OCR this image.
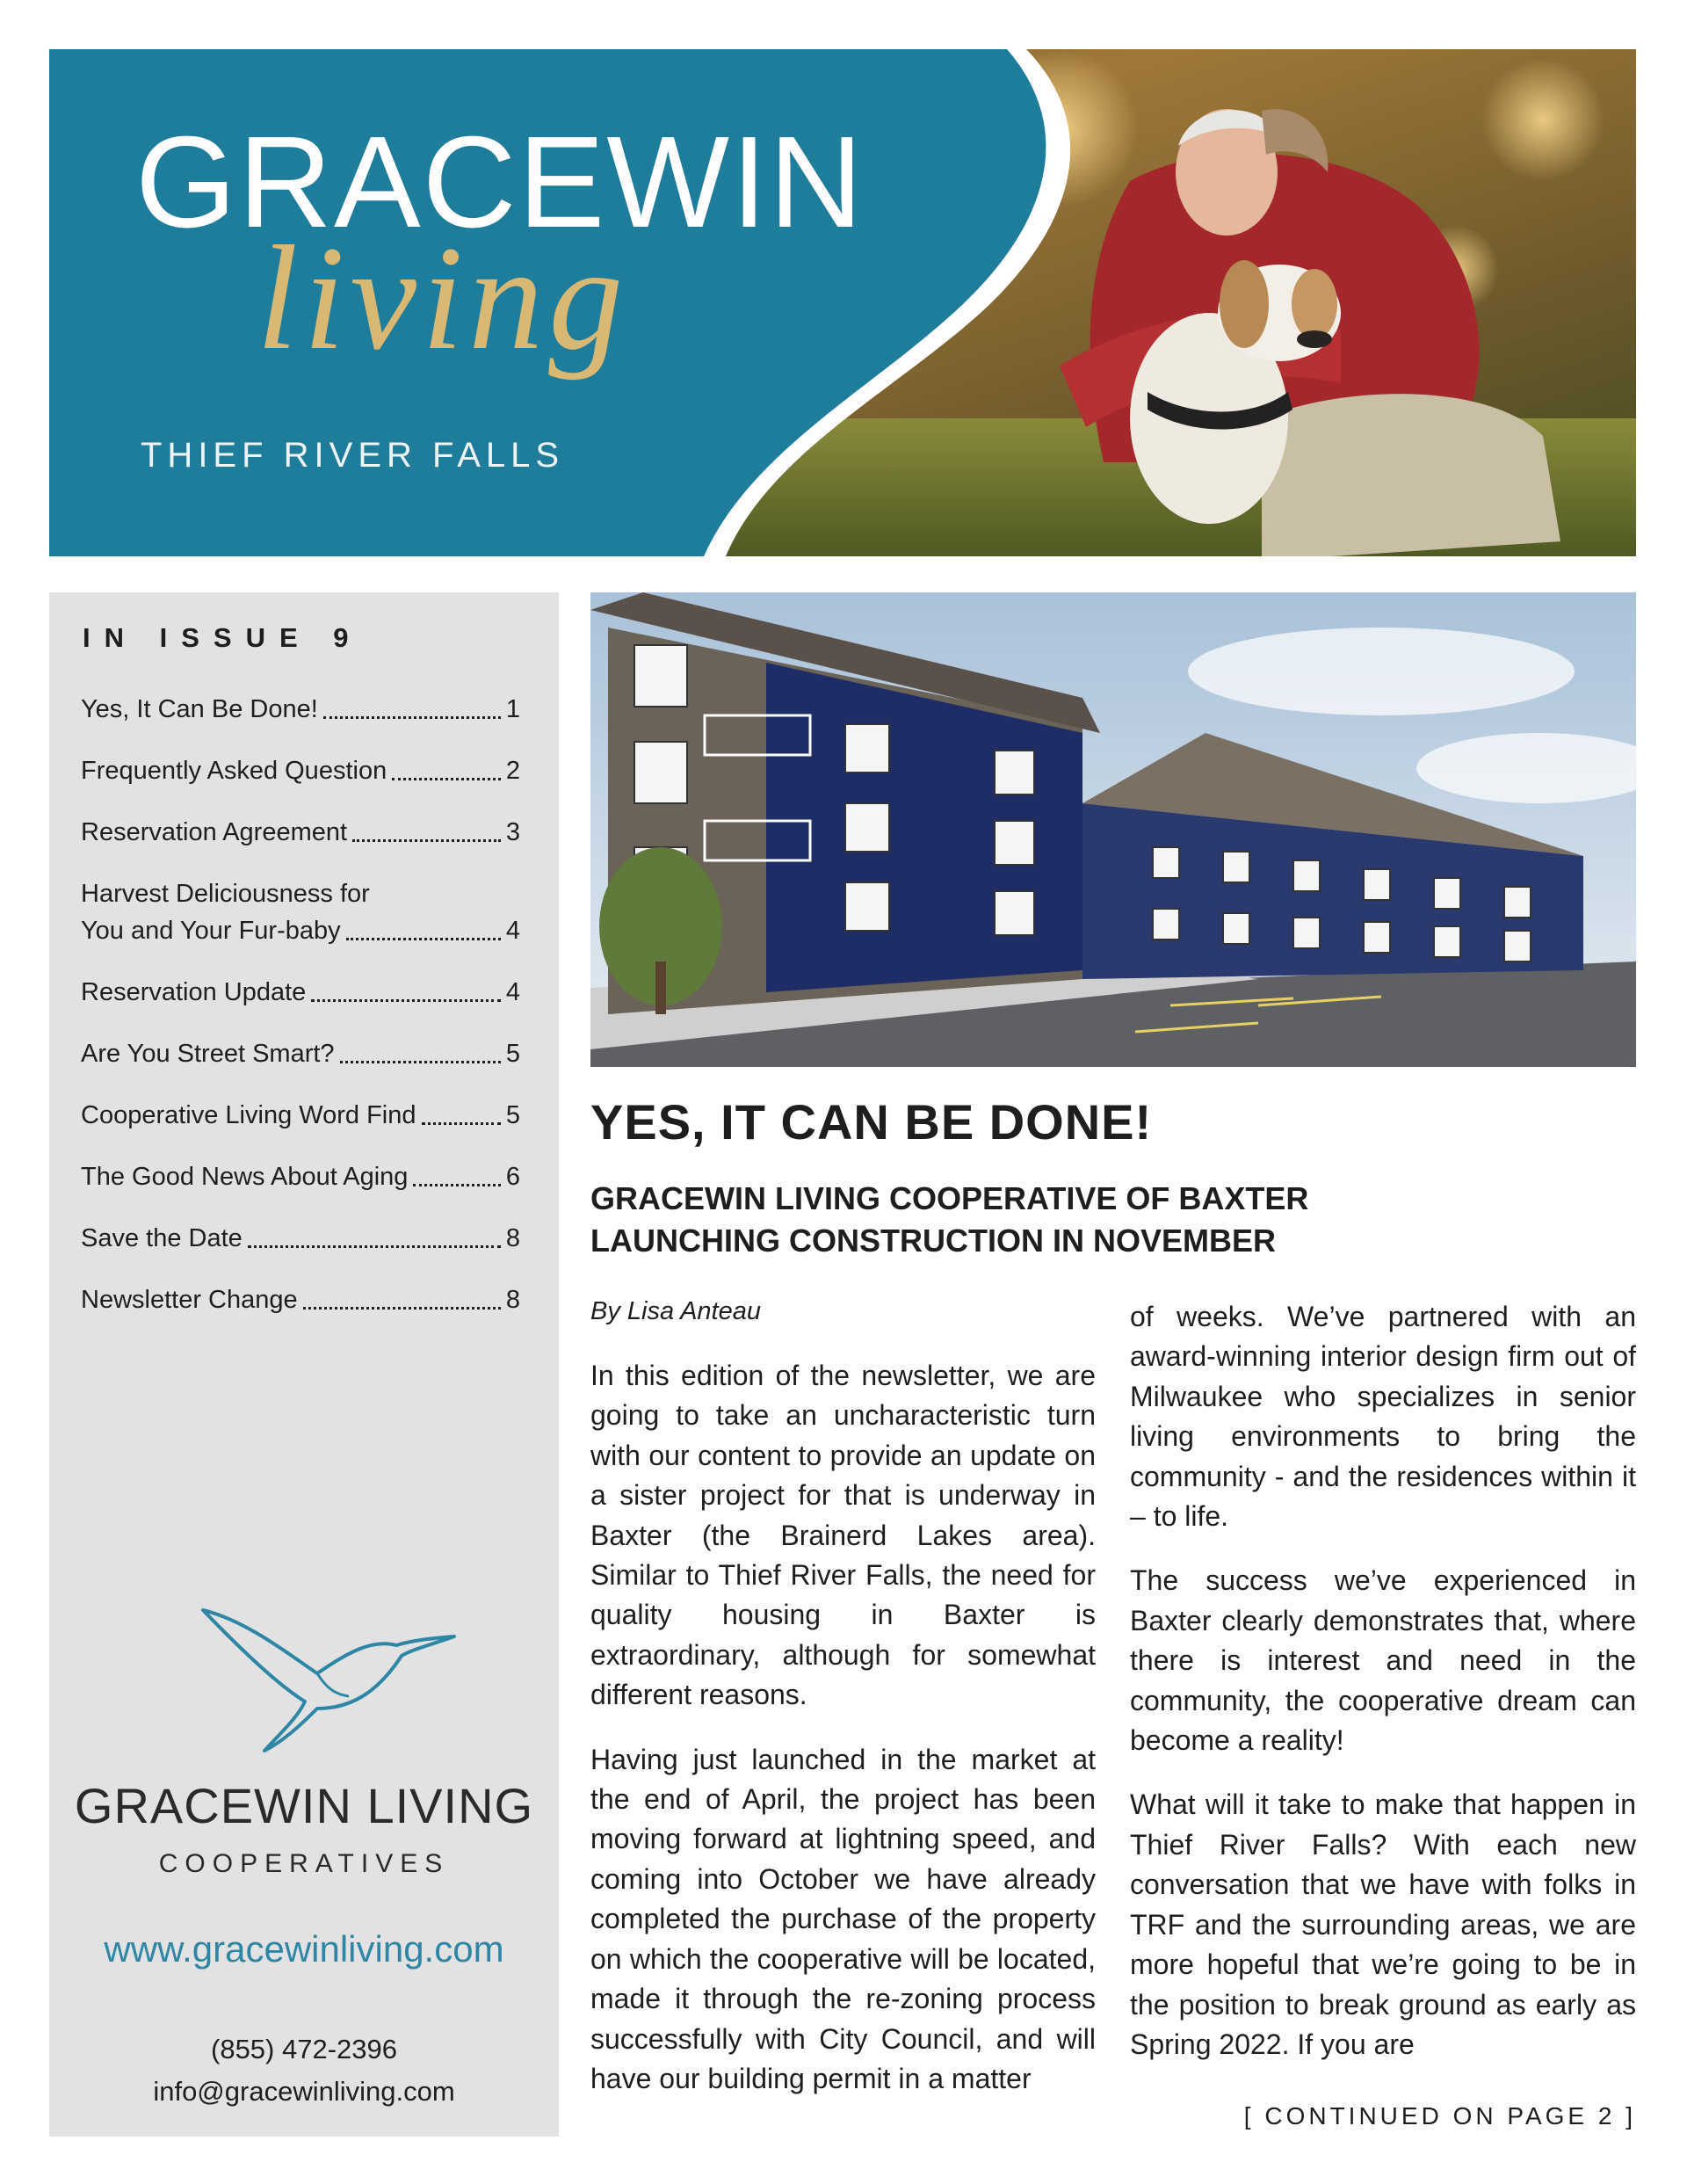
GRACEWIN
living
THIEF RIVER FALLS
IN ISSUE 9
Yes, It Can Be Done!	1
Frequently Asked Question	2
Reservation Agreement	3
Harvest Deliciousness for
You and Your Fur-baby	4
Reservation Update	4
Are You Street Smart?	5
Cooperative Living Word Find	5
The Good News About Aging	6
Save the Date	8
Newsletter Change	8
GRACEWIN LIVING
COOPERATIVES
www.gracewinliving.com
(855) 472-2396
info@gracewinliving.com
YES, IT CAN BE DONE!
GRACEWIN LIVING COOPERATIVE OF BAXTER LAUNCHING CONSTRUCTION IN NOVEMBER
By Lisa Anteau

In this edition of the newsletter, we are going to take an uncharacteristic turn with our content to provide an update on a sister project for that is underway in Baxter (the Brainerd Lakes area). Similar to Thief River Falls, the need for quality housing in Baxter is extraordinary, although for somewhat different reasons.

Having just launched in the market at the end of April, the project has been moving forward at lightning speed, and coming into October we have already completed the purchase of the property on which the cooperative will be located, made it through the re-zoning process successfully with City Council, and will have our building permit in a matter

of weeks. We’ve partnered with an award-winning interior design firm out of Milwaukee who specializes in senior living environments to bring the community - and the residences within it – to life.

The success we’ve experienced in Baxter clearly demonstrates that, where there is interest and need in the community, the cooperative dream can become a reality!

What will it take to make that happen in Thief River Falls? With each new conversation that we have with folks in TRF and the surrounding areas, we are more hopeful that we’re going to be in the position to break ground as early as Spring 2022. If you are

[ CONTINUED ON PAGE 2 ]
